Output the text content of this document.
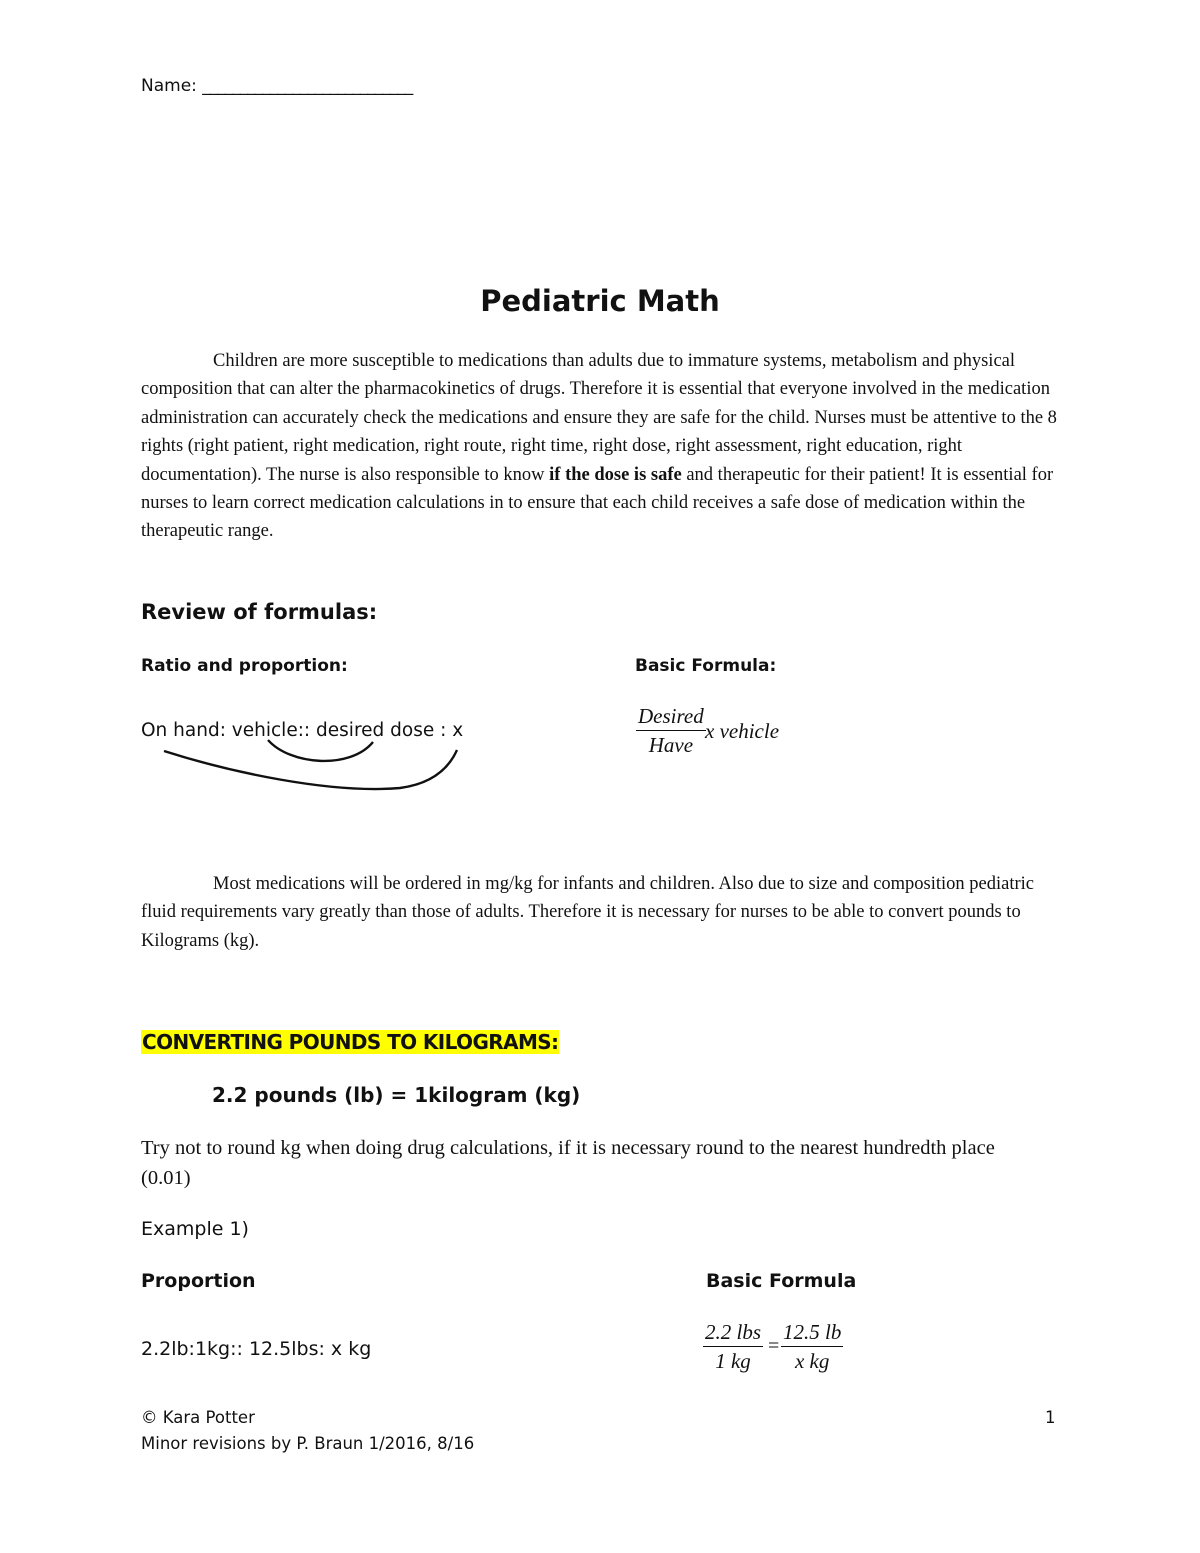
Name: ____________________________
Pediatric Math
Children are more susceptible to medications than adults due to immature systems, metabolism and physical composition that can alter the pharmacokinetics of drugs. Therefore it is essential that everyone involved in the medication administration can accurately check the medications and ensure they are safe for the child. Nurses must be attentive to the 8 rights (right patient, right medication, right route, right time, right dose, right assessment, right education, right documentation). The nurse is also responsible to know if the dose is safe and therapeutic for their patient! It is essential for nurses to learn correct medication calculations in to ensure that each child receives a safe dose of medication within the therapeutic range.
Review of formulas:
Ratio and proportion:	Basic Formula:
On hand: vehicle:: desired dose : x
Desired
Have
x vehicle
Most medications will be ordered in mg/kg for infants and children. Also due to size and composition pediatric fluid requirements vary greatly than those of adults. Therefore it is necessary for nurses to be able to convert pounds to Kilograms (kg).
CONVERTING POUNDS TO KILOGRAMS:
2.2 pounds (lb) = 1kilogram (kg)
Try not to round kg when doing drug calculations, if it is necessary round to the nearest hundredth place (0.01)
Example 1)
Proportion	Basic Formula
2.2lb:1kg:: 12.5lbs: x kg
2.2 lbs
1 kg
= $\frac{12.5 lb}{\text{x kg}}$
© Kara Potter
Minor revisions by P. Braun 1/2016, 8/16
1
